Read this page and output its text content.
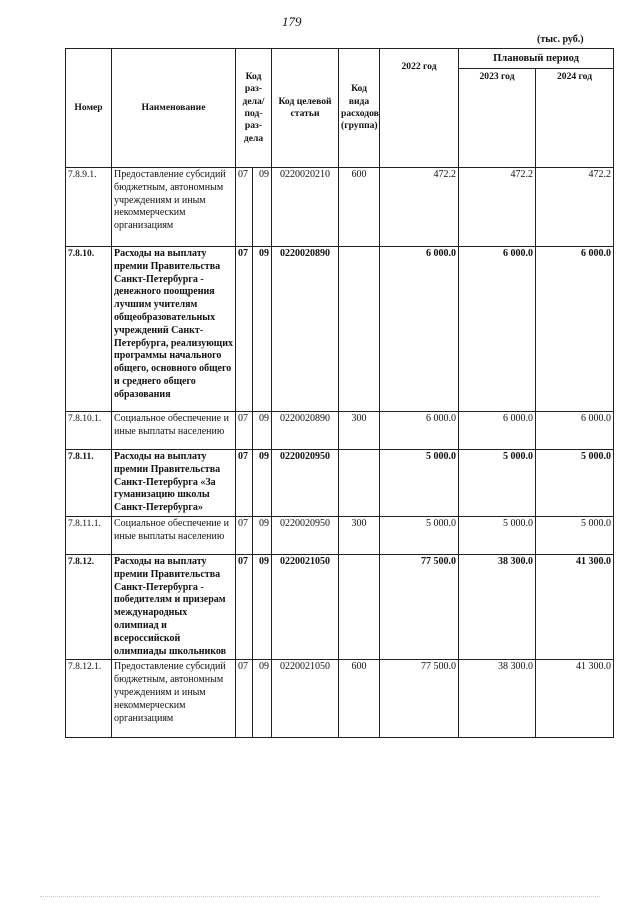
179
(тыс. руб.)
Номер	Наименование	Код раз-дела/ под-раз-дела		Код целевой статьи	Код вида расходов (группа)	2022 год	Плановый период	
							2023 год	2024 год
7.8.9.1.	Предоставление субсидий бюджетным, автономным учреждениям и иным некоммерческим организациям	07	09	0220020210	600	472.2	472.2	472.2
7.8.10.	Расходы на выплату премии Правительства Санкт-Петербурга - денежного поощрения лучшим учителям общеобразовательных учреждений Санкт-Петербурга, реализующих программы начального общего, основного общего и среднего общего образования	07	09	0220020890		6 000.0	6 000.0	6 000.0
7.8.10.1.	Социальное обеспечение и иные выплаты населению	07	09	0220020890	300	6 000.0	6 000.0	6 000.0
7.8.11.	Расходы на выплату премии Правительства Санкт-Петербурга «За гуманизацию школы Санкт-Петербурга»	07	09	0220020950		5 000.0	5 000.0	5 000.0
7.8.11.1.	Социальное обеспечение и иные выплаты населению	07	09	0220020950	300	5 000.0	5 000.0	5 000.0
7.8.12.	Расходы на выплату премии Правительства Санкт-Петербурга - победителям и призерам международных олимпиад и всероссийской олимпиады школьников	07	09	0220021050		77 500.0	38 300.0	41 300.0
7.8.12.1.	Предоставление субсидий бюджетным, автономным учреждениям и иным некоммерческим организациям	07	09	0220021050	600	77 500.0	38 300.0	41 300.0
